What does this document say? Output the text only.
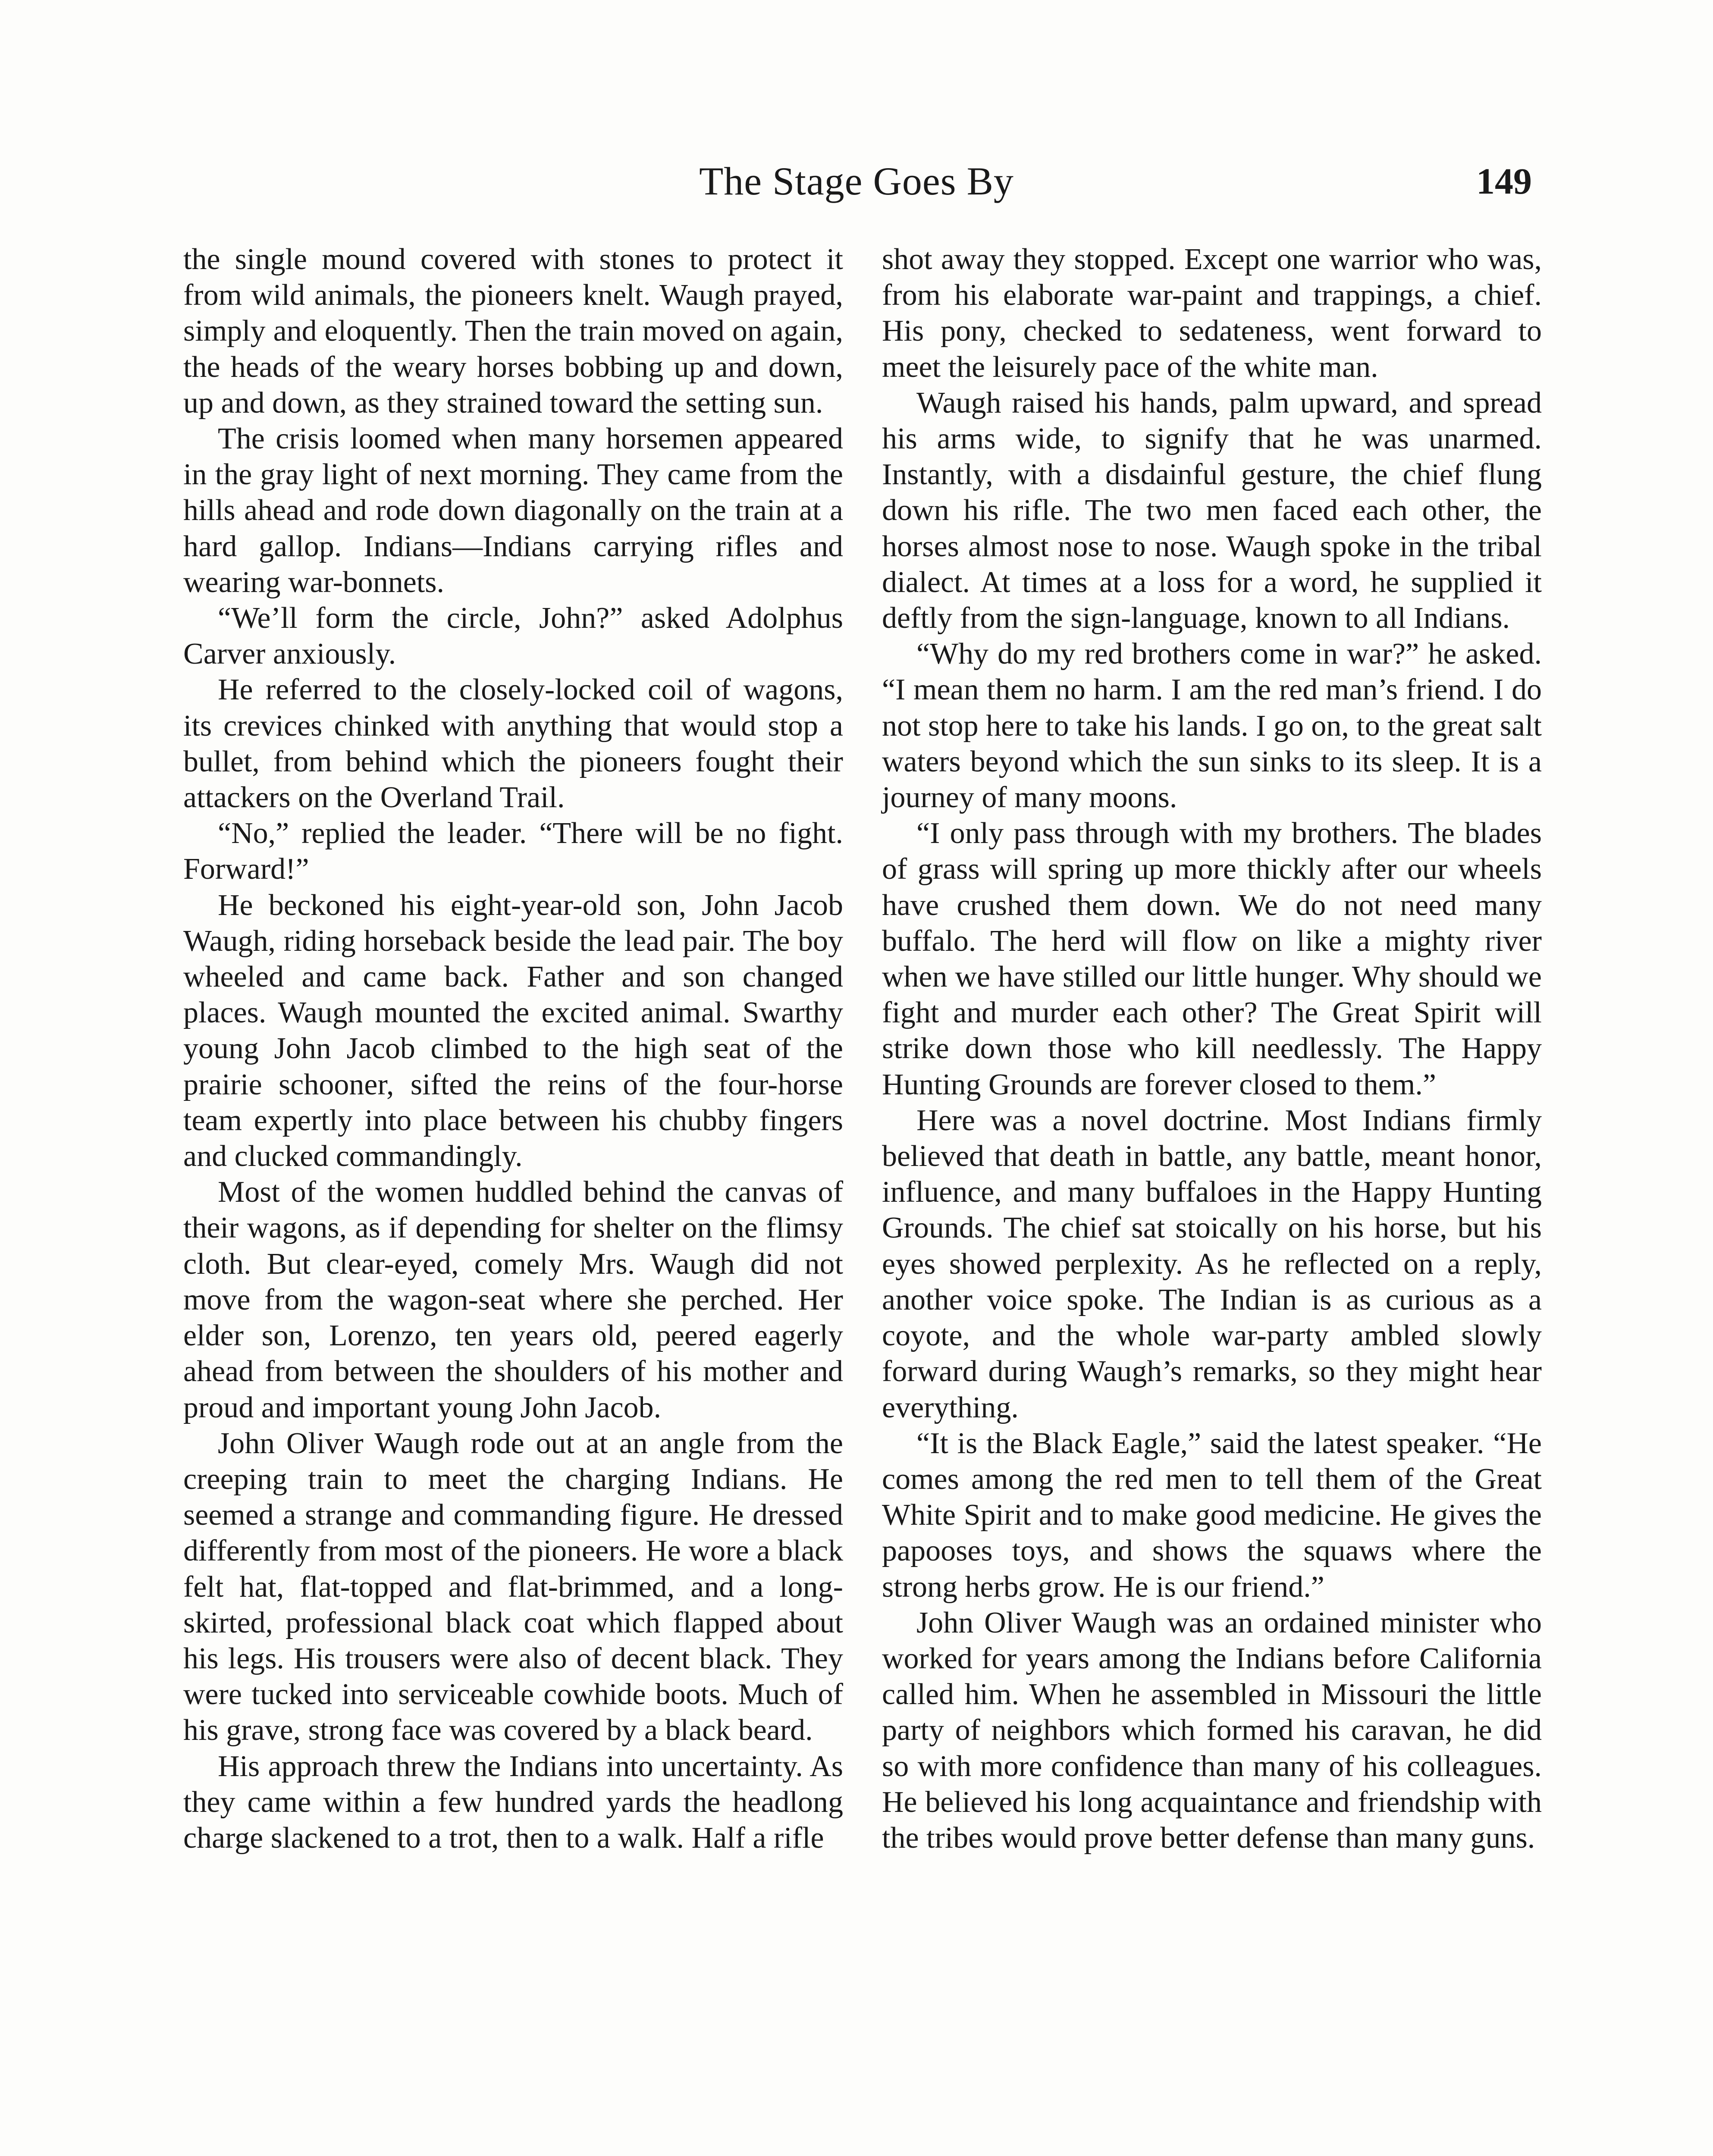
The Stage Goes By	149

the single mound covered with stones to protect it from wild animals, the pioneers knelt. Waugh prayed, simply and eloquently. Then the train moved on again, the heads of the weary horses bobbing up and down, up and down, as they strained toward the setting sun.

The crisis loomed when many horsemen appeared in the gray light of next morning. They came from the hills ahead and rode down diagonally on the train at a hard gallop. Indians—Indians carrying rifles and wearing war-bonnets.

“We’ll form the circle, John?” asked Adolphus Carver anxiously.

He referred to the closely-locked coil of wagons, its crevices chinked with anything that would stop a bullet, from behind which the pioneers fought their attackers on the Overland Trail.

“No,” replied the leader. “There will be no fight. Forward!”

He beckoned his eight-year-old son, John Jacob Waugh, riding horseback beside the lead pair. The boy wheeled and came back. Father and son changed places. Waugh mounted the excited animal. Swarthy young John Jacob climbed to the high seat of the prairie schooner, sifted the reins of the four-horse team expertly into place between his chubby fingers and clucked commandingly.

Most of the women huddled behind the canvas of their wagons, as if depending for shelter on the flimsy cloth. But clear-eyed, comely Mrs. Waugh did not move from the wagon-seat where she perched. Her elder son, Lorenzo, ten years old, peered eagerly ahead from between the shoulders of his mother and proud and important young John Jacob.

John Oliver Waugh rode out at an angle from the creeping train to meet the charging Indians. He seemed a strange and commanding figure. He dressed differently from most of the pioneers. He wore a black felt hat, flat-topped and flat-brimmed, and a long-skirted, professional black coat which flapped about his legs. His trousers were also of decent black. They were tucked into serviceable cowhide boots. Much of his grave, strong face was covered by a black beard.

His approach threw the Indians into uncertainty. As they came within a few hundred yards the headlong charge slackened to a trot, then to a walk. Half a rifle

shot away they stopped. Except one warrior who was, from his elaborate war-paint and trappings, a chief. His pony, checked to sedateness, went forward to meet the leisurely pace of the white man.

Waugh raised his hands, palm upward, and spread his arms wide, to signify that he was unarmed. Instantly, with a disdainful gesture, the chief flung down his rifle. The two men faced each other, the horses almost nose to nose. Waugh spoke in the tribal dialect. At times at a loss for a word, he supplied it deftly from the sign-language, known to all Indians.

“Why do my red brothers come in war?” he asked. “I mean them no harm. I am the red man’s friend. I do not stop here to take his lands. I go on, to the great salt waters beyond which the sun sinks to its sleep. It is a journey of many moons.

“I only pass through with my brothers. The blades of grass will spring up more thickly after our wheels have crushed them down. We do not need many buffalo. The herd will flow on like a mighty river when we have stilled our little hunger. Why should we fight and murder each other? The Great Spirit will strike down those who kill needlessly. The Happy Hunting Grounds are forever closed to them.”

Here was a novel doctrine. Most Indians firmly believed that death in battle, any battle, meant honor, influence, and many buffaloes in the Happy Hunting Grounds. The chief sat stoically on his horse, but his eyes showed perplexity. As he reflected on a reply, another voice spoke. The Indian is as curious as a coyote, and the whole war-party ambled slowly forward during Waugh’s remarks, so they might hear everything.

“It is the Black Eagle,” said the latest speaker. “He comes among the red men to tell them of the Great White Spirit and to make good medicine. He gives the papooses toys, and shows the squaws where the strong herbs grow. He is our friend.”

John Oliver Waugh was an ordained minister who worked for years among the Indians before California called him. When he assembled in Missouri the little party of neighbors which formed his caravan, he did so with more confidence than many of his colleagues. He believed his long acquaintance and friendship with the tribes would prove better defense than many guns.
